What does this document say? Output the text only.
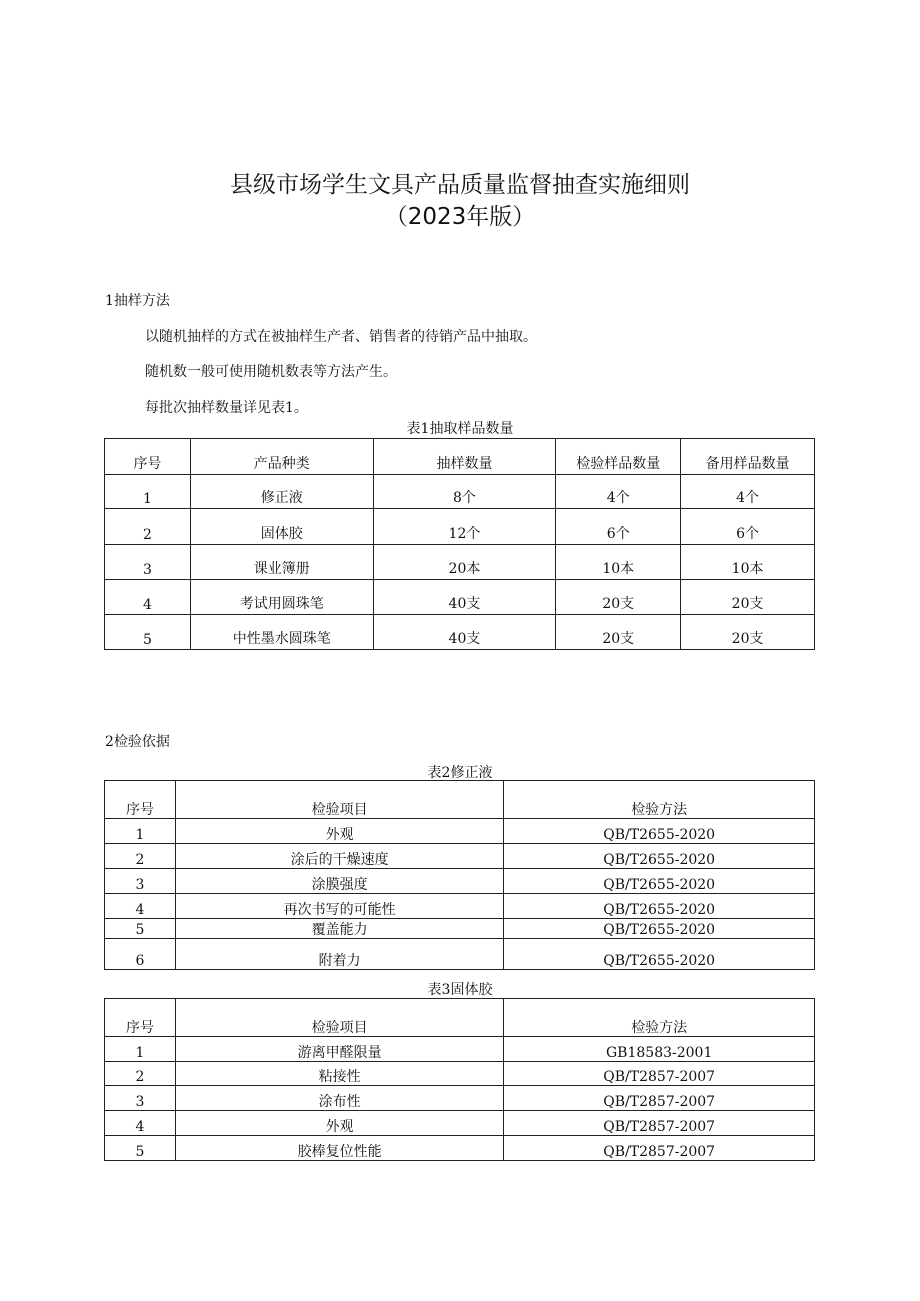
县级市场学生文具产品质量监督抽查实施细则
（2023年版）
1抽样方法
以随机抽样的方式在被抽样生产者、销售者的待销产品中抽取。
随机数一般可使用随机数表等方法产生。
每批次抽样数量详见表1。
表1抽取样品数量
序号	产品种类	抽样数量	检验样品数量	备用样品数量
1	修正液	8个	4个	4个
2	固体胶	12个	6个	6个
3	课业簿册	20本	10本	10本
4	考试用圆珠笔	40支	20支	20支
5	中性墨水圆珠笔	40支	20支	20支
2检验依据
表2修正液
序号	检验项目	检验方法
1	外观	QB/T2655-2020
2	涂后的干燥速度	QB/T2655-2020
3	涂膜强度	QB/T2655-2020
4	再次书写的可能性	QB/T2655-2020
5	覆盖能力	QB/T2655-2020
6	附着力	QB/T2655-2020
表3固体胶
序号	检验项目	检验方法
1	游离甲醛限量	GB18583-2001
2	粘接性	QB/T2857-2007
3	涂布性	QB/T2857-2007
4	外观	QB/T2857-2007
5	胶棒复位性能	QB/T2857-2007
